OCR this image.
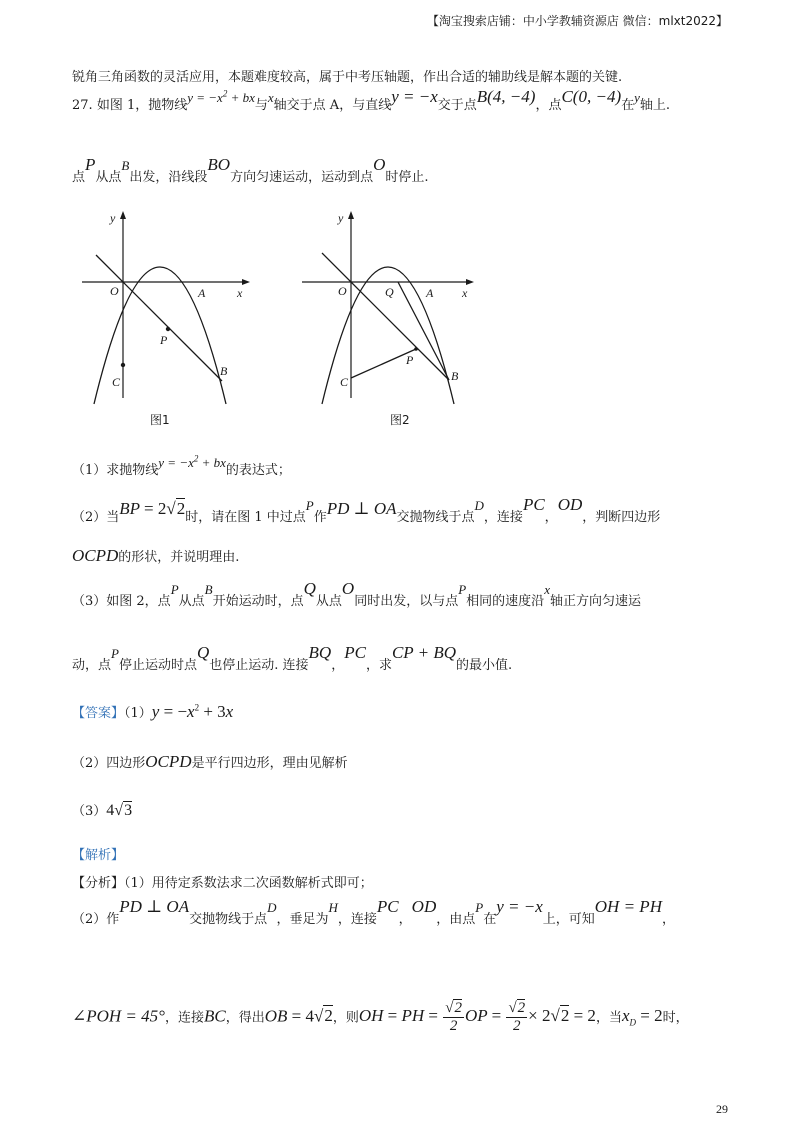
【淘宝搜索店铺：中小学教辅资源店 微信：mlxt2022】
锐角三角函数的灵活应用，本题难度较高，属于中考压轴题，作出合适的辅助线是解本题的关键.
27. 如图 1，抛物线$y = -x^2$ + bx与x轴交于点 A，与直线y = −x交于点B(4, −4)，点C(0, −4)在y轴上.
点P从点B出发，沿线段BO方向匀速运动，运动到点O时停止.
y
x
O	A
P
B
C
图1
y
x
O	Q	A
P
B
C
图2
（1）求抛物线$y = -x^2$ + bx的表达式；
（2）当BP = 2√2时，请在图 1 中过点P作PD ⊥ OA交抛物线于点D，连接PC，OD，判断四边形
OCPD的形状，并说明理由.
（3）如图 2，点P从点B开始运动时，点Q从点O同时出发，以与点P相同的速度沿x轴正方向匀速运
动，点P停止运动时点Q也停止运动. 连接BQ，PC，求CP + BQ的最小值.
【答案】$(1)y = -x^2 + 3x$
（2）四边形OCPD是平行四边形，理由见解析
（3）4√3
【解析】
【分析】（1）用待定系数法求二次函数解析式即可；
（2）作PD ⊥ OA交抛物线于点D，垂足为H，连接PC，OD，由点P在y = −x上，可知OH = PH，
∠POH = 45°，连接BC，得出OB = 4√2，则OH = PH = $\frac{√2}{2}$ OP = $\frac{√2}{2} \times 2√2 = 2$，当$x_D = 2$时，
29
